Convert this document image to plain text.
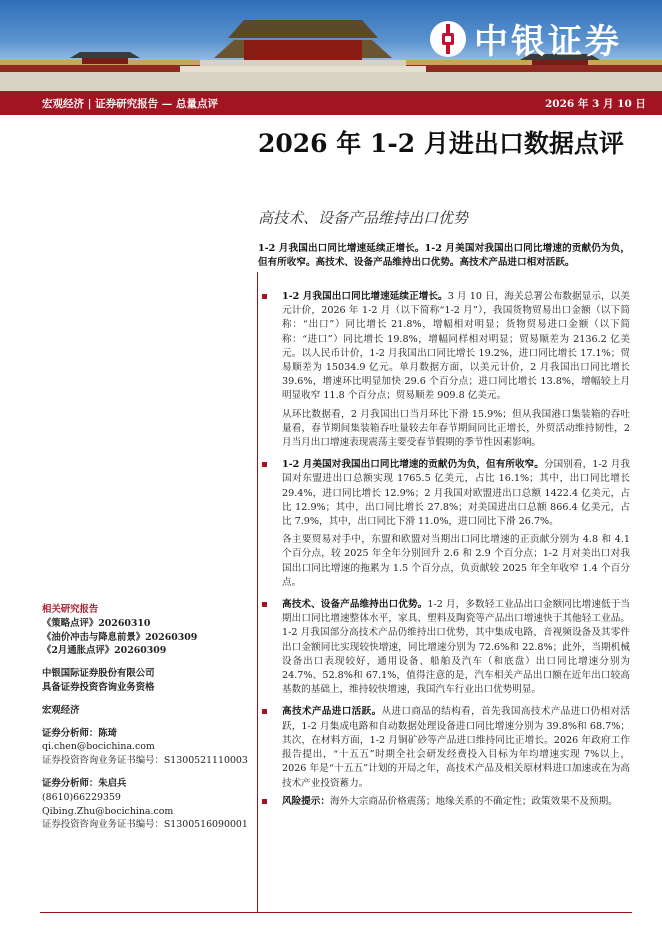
中银证券
宏观经济 | 证券研究报告 — 总量点评	2026 年 3 月 10 日
2026 年 1-2 月进出口数据点评
高技术、设备产品维持出口优势
1-2 月我国出口同比增速延续正增长。1-2 月美国对我国出口同比增速的贡献仍为负，但有所收窄。高技术、设备产品维持出口优势。高技术产品进口相对活跃。
1-2 月我国出口同比增速延续正增长。3 月 10 日，海关总署公布数据显示，以美元计价，2026 年 1-2 月（以下简称“1-2 月”），我国货物贸易出口金额（以下简称：“出口”）同比增长 21.8%，增幅相对明显；货物贸易进口金额（以下简称：“进口”）同比增长 19.8%，增幅同样相对明显；贸易顺差为 2136.2 亿美元。以人民币计价，1-2 月我国出口同比增长 19.2%，进口同比增长 17.1%；贸易顺差为 15034.9 亿元。单月数据方面，以美元计价，2 月我国出口同比增长 39.6%，增速环比明显加快 29.6 个百分点；进口同比增长 13.8%，增幅较上月明显收窄 11.8 个百分点；贸易顺差 909.8 亿美元。
从环比数据看，2 月我国出口当月环比下滑 15.9%；但从我国港口集装箱的吞吐量看，春节期间集装箱吞吐量较去年春节期间同比正增长，外贸活动维持韧性，2 月当月出口增速表现震荡主要受春节假期的季节性因素影响。
1-2 月美国对我国出口同比增速的贡献仍为负，但有所收窄。分国别看，1-2 月我国对东盟进出口总额实现 1765.5 亿美元，占比 16.1%；其中，出口同比增长 29.4%，进口同比增长 12.9%；2 月我国对欧盟进出口总额 1422.4 亿美元，占比 12.9%；其中，出口同比增长 27.8%；对美国进出口总额 866.4 亿美元，占比 7.9%，其中，出口同比下滑 11.0%，进口同比下滑 26.7%。
各主要贸易对手中，东盟和欧盟对当期出口同比增速的正贡献分别为 4.8 和 4.1 个百分点，较 2025 年全年分别回升 2.6 和 2.9 个百分点；1-2 月对美出口对我国出口同比增速的拖累为 1.5 个百分点，负贡献较 2025 年全年收窄 1.4 个百分点。
高技术、设备产品维持出口优势。1-2 月，多数轻工业品出口金额同比增速低于当期出口同比增速整体水平，家具、塑料及陶瓷等产品出口增速快于其他轻工业品。1-2 月我国部分高技术产品仍维持出口优势，其中集成电路、音视频设备及其零件出口金额同比实现较快增速，同比增速分别为 72.6%和 22.8%；此外，当期机械设备出口表现较好，通用设备、船舶及汽车（和底盘）出口同比增速分别为 24.7%、52.8%和 67.1%，值得注意的是，汽车相关产品出口额在近年出口较高基数的基础上，维持较快增速，我国汽车行业出口优势明显。
高技术产品进口活跃。从进口商品的结构看，首先我国高技术产品进口仍相对活跃，1-2 月集成电路和自动数据处理设备进口同比增速分别为 39.8%和 68.7%；其次，在材料方面，1-2 月铜矿砂等产品进口维持同比正增长。2026 年政府工作报告提出，“十五五”时期全社会研发经费投入目标为年均增速实现 7%以上，2026 年是“十五五”计划的开局之年，高技术产品及相关原材料进口加速或在为高技术产业投资蓄力。
风险提示：海外大宗商品价格震荡；地缘关系的不确定性；政策效果不及预期。
相关研究报告
《策略点评》20260310
《油价冲击与降息前景》20260309
《2月通胀点评》20260309
中银国际证券股份有限公司
具备证券投资咨询业务资格
宏观经济
证券分析师：陈琦
qi.chen@bocichina.com
证券投资咨询业务证书编号：S1300521110003
证券分析师：朱启兵
(8610)66229359
Qibing.Zhu@bocichina.com
证券投资咨询业务证书编号：S1300516090001
